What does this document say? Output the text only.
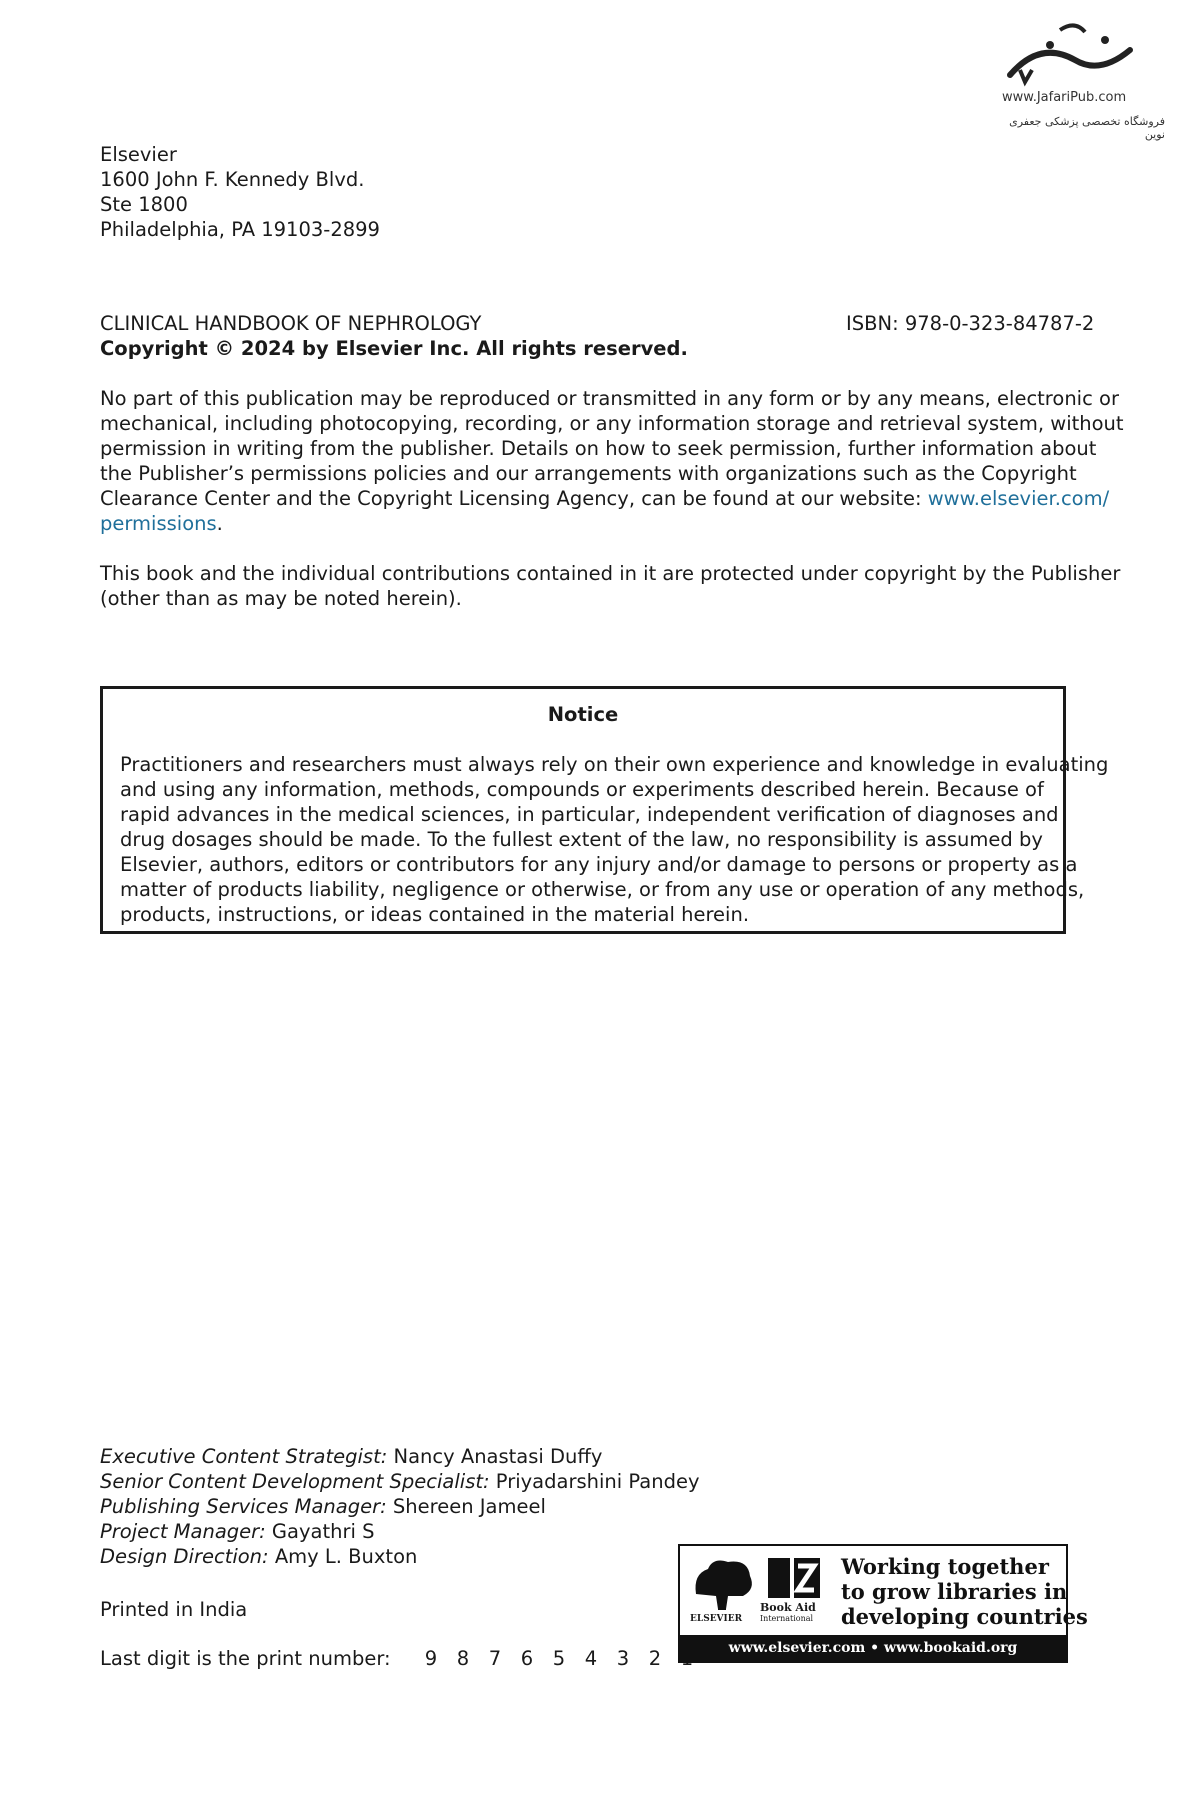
www.JafariPub.com
فروشگاه تخصصی پزشکی جعفری نوین
Elsevier
1600 John F. Kennedy Blvd.
Ste 1800
Philadelphia, PA 19103-2899
CLINICAL HANDBOOK OF NEPHROLOGY	ISBN: 978-0-323-84787-2
Copyright © 2024 by Elsevier Inc. All rights reserved.
No part of this publication may be reproduced or transmitted in any form or by any means, electronic or
mechanical, including photocopying, recording, or any information storage and retrieval system, without
permission in writing from the publisher. Details on how to seek permission, further information about
the Publisher’s permissions policies and our arrangements with organizations such as the Copyright
Clearance Center and the Copyright Licensing Agency, can be found at our website: www.elsevier.com/
permissions.
This book and the individual contributions contained in it are protected under copyright by the Publisher
(other than as may be noted herein).
Notice
Practitioners and researchers must always rely on their own experience and knowledge in evaluating
and using any information, methods, compounds or experiments described herein. Because of
rapid advances in the medical sciences, in particular, independent verification of diagnoses and
drug dosages should be made. To the fullest extent of the law, no responsibility is assumed by
Elsevier, authors, editors or contributors for any injury and/or damage to persons or property as a
matter of products liability, negligence or otherwise, or from any use or operation of any methods,
products, instructions, or ideas contained in the material herein.
Executive Content Strategist: Nancy Anastasi Duffy
Senior Content Development Specialist: Priyadarshini Pandey
Publishing Services Manager: Shereen Jameel
Project Manager: Gayathri S
Design Direction: Amy L. Buxton
Printed in India
Last digit is the print number: 9 8 7 6 5 4 3 2
ELSEVIER
Book Aid
International
Working together
to grow libraries in
developing countries
www.elsevier.com • www.bookaid.org
